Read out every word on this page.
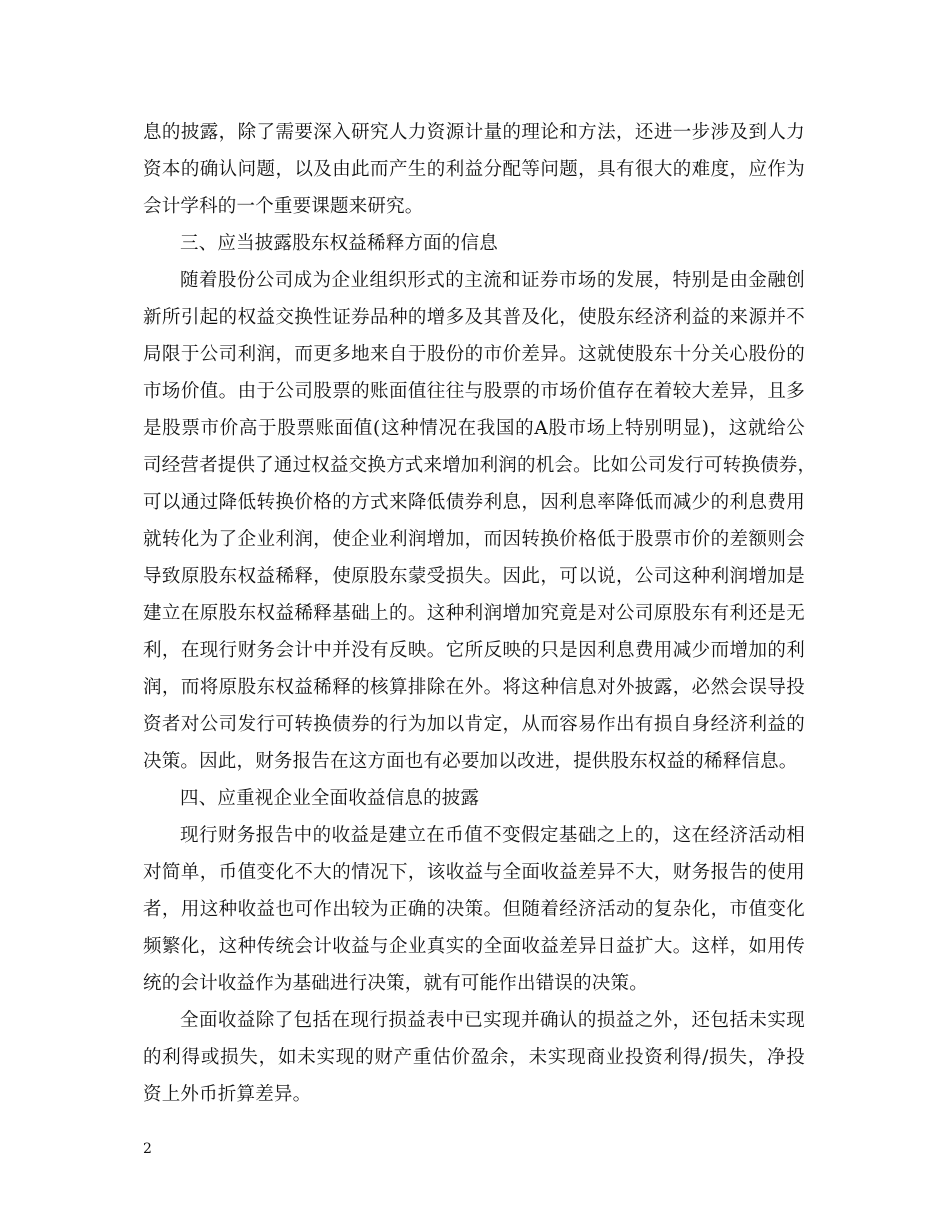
息的披露，除了需要深入研究人力资源计量的理论和方法，还进一步涉及到人力
资本的确认问题，以及由此而产生的利益分配等问题，具有很大的难度，应作为
会计学科的一个重要课题来研究。
三、应当披露股东权益稀释方面的信息
随着股份公司成为企业组织形式的主流和证券市场的发展，特别是由金融创
新所引起的权益交换性证券品种的增多及其普及化，使股东经济利益的来源并不
局限于公司利润，而更多地来自于股份的市价差异。这就使股东十分关心股份的
市场价值。由于公司股票的账面值往往与股票的市场价值存在着较大差异，且多
是股票市价高于股票账面值(这种情况在我国的A股市场上特别明显)，这就给公
司经营者提供了通过权益交换方式来增加利润的机会。比如公司发行可转换债券，
可以通过降低转换价格的方式来降低债券利息，因利息率降低而减少的利息费用
就转化为了企业利润，使企业利润增加，而因转换价格低于股票市价的差额则会
导致原股东权益稀释，使原股东蒙受损失。因此，可以说，公司这种利润增加是
建立在原股东权益稀释基础上的。这种利润增加究竟是对公司原股东有利还是无
利，在现行财务会计中并没有反映。它所反映的只是因利息费用减少而增加的利
润，而将原股东权益稀释的核算排除在外。将这种信息对外披露，必然会误导投
资者对公司发行可转换债券的行为加以肯定，从而容易作出有损自身经济利益的
决策。因此，财务报告在这方面也有必要加以改进，提供股东权益的稀释信息。
四、应重视企业全面收益信息的披露
现行财务报告中的收益是建立在币值不变假定基础之上的，这在经济活动相
对简单，币值变化不大的情况下，该收益与全面收益差异不大，财务报告的使用
者，用这种收益也可作出较为正确的决策。但随着经济活动的复杂化，市值变化
频繁化，这种传统会计收益与企业真实的全面收益差异日益扩大。这样，如用传
统的会计收益作为基础进行决策，就有可能作出错误的决策。
全面收益除了包括在现行损益表中已实现并确认的损益之外，还包括未实现
的利得或损失，如未实现的财产重估价盈余，未实现商业投资利得/损失，净投
资上外币折算差异。
2
